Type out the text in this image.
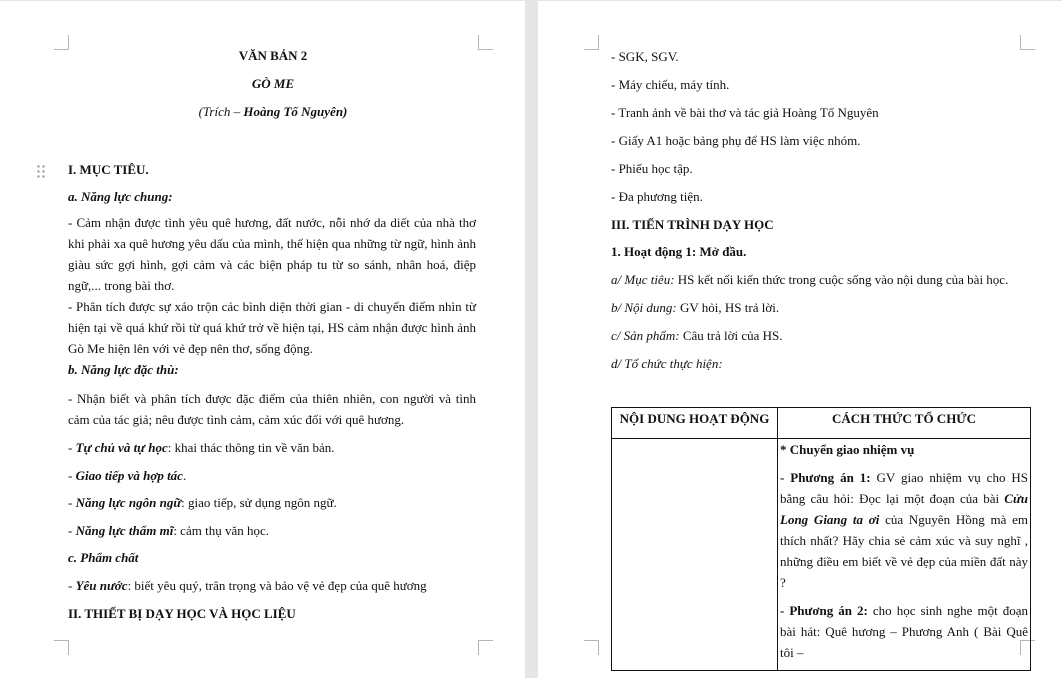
VĂN BẢN 2
GÒ ME
(Trích – Hoàng Tố Nguyên)
I. MỤC TIÊU.
a. Năng lực chung:
- Cảm nhận được tình yêu quê hương, đất nước, nỗi nhớ da diết của nhà thơ khi phải xa quê hương yêu dấu của mình, thể hiện qua những từ ngữ, hình ảnh giàu sức gợi hình, gợi cảm và các biện pháp tu từ so sánh, nhân hoá, điệp ngữ,... trong bài thơ.
- Phân tích được sự xáo trộn các bình diện thời gian - di chuyển điểm nhìn từ hiện tại về quá khứ rồi từ quá khứ trở về hiện tại, HS cảm nhận được hình ảnh Gò Me hiện lên với vẻ đẹp nên thơ, sống động.
b. Năng lực đặc thù:
- Nhận biết và phân tích được đặc điểm của thiên nhiên, con người và tình cảm của tác giả; nêu được tình cảm, cảm xúc đối với quê hương.
- Tự chủ và tự học: khai thác thông tin về văn bản.
- Giao tiếp và hợp tác.
- Năng lực ngôn ngữ: giao tiếp, sử dụng ngôn ngữ.
- Năng lực thẩm mĩ: cảm thụ văn học.
c. Phẩm chất
- Yêu nước: biết yêu quý, trân trọng và bảo vệ vẻ đẹp của quê hương
II. THIẾT BỊ DẠY HỌC VÀ HỌC LIỆU
- SGK, SGV.
- Máy chiếu, máy tính.
- Tranh ảnh về bài thơ và tác giả Hoàng Tố Nguyên
- Giấy A1 hoặc bảng phụ để HS làm việc nhóm.
- Phiếu học tập.
- Đa phương tiện.
III. TIẾN TRÌNH DẠY HỌC
1. Hoạt động 1: Mở đầu.
a/ Mục tiêu: HS kết nối kiến thức trong cuộc sống vào nội dung của bài học.
b/ Nội dung: GV hỏi, HS trả lời.
c/ Sản phẩm: Câu trả lời của HS.
d/ Tổ chức thực hiện:
NỘI DUNG HOẠT ĐỘNG	CÁCH THỨC TỔ CHỨC

	* Chuyển giao nhiệm vụ

- Phương án 1: GV giao nhiệm vụ cho HS bằng câu hỏi: Đọc lại một đoạn của bài Cửu Long Giang ta ơi của Nguyên Hồng mà em thích nhất? Hãy chia sẻ cảm xúc và suy nghĩ , những điều em biết về vẻ đẹp của miền đất này ?

- Phương án 2: cho học sinh nghe một đoạn bài hát: Quê hương – Phương Anh ( Bài Quê tôi –
